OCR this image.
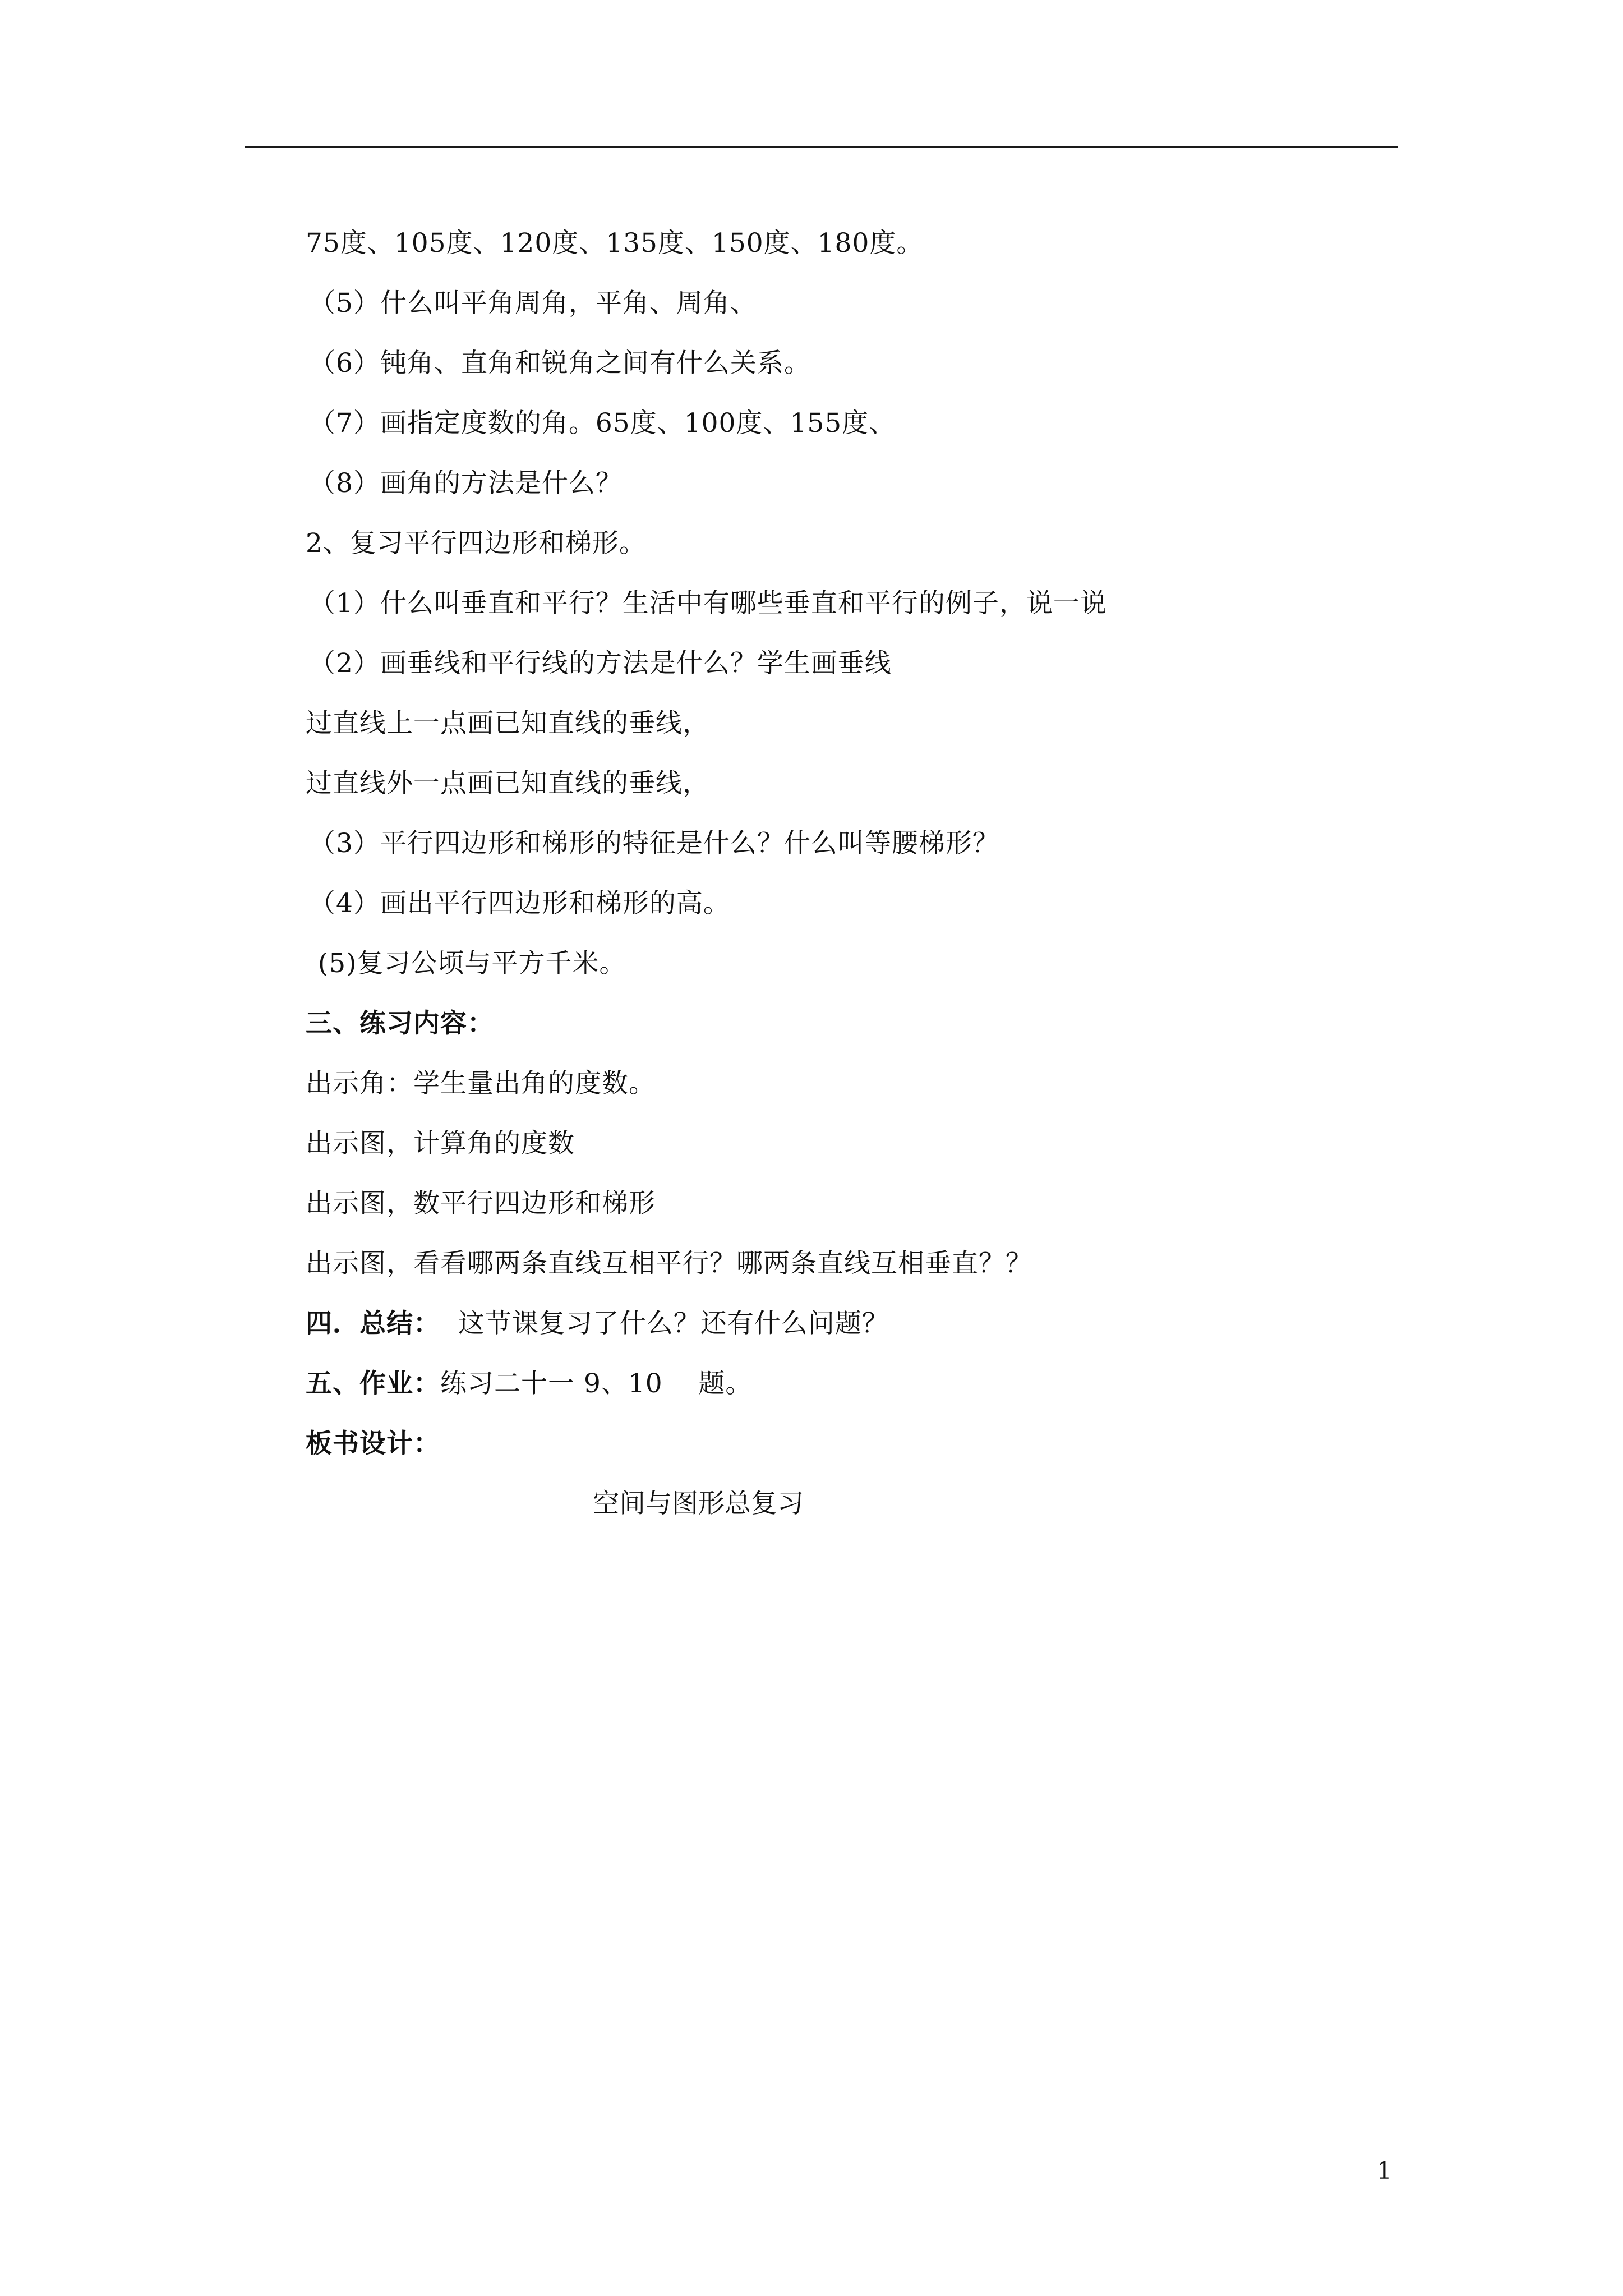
75度、105度、120度、135度、150度、180度。
（5）什么叫平角周角，平角、周角、
（6）钝角、直角和锐角之间有什么关系。
（7）画指定度数的角。65度、100度、155度、
（8）画角的方法是什么？
2、复习平行四边形和梯形。
（1）什么叫垂直和平行？生活中有哪些垂直和平行的例子，说一说
（2）画垂线和平行线的方法是什么？学生画垂线
过直线上一点画已知直线的垂线，
过直线外一点画已知直线的垂线，
（3）平行四边形和梯形的特征是什么？什么叫等腰梯形？
（4）画出平行四边形和梯形的高。
(5)复习公顷与平方千米。
三、练习内容：
出示角：学生量出角的度数。
出示图，计算角的度数
出示图，数平行四边形和梯形
出示图，看看哪两条直线互相平行？哪两条直线互相垂直？？
四．总结：  这节课复习了什么？还有什么问题？
五、作业：练习二十一 9、10    题。
板书设计：
空间与图形总复习
1
